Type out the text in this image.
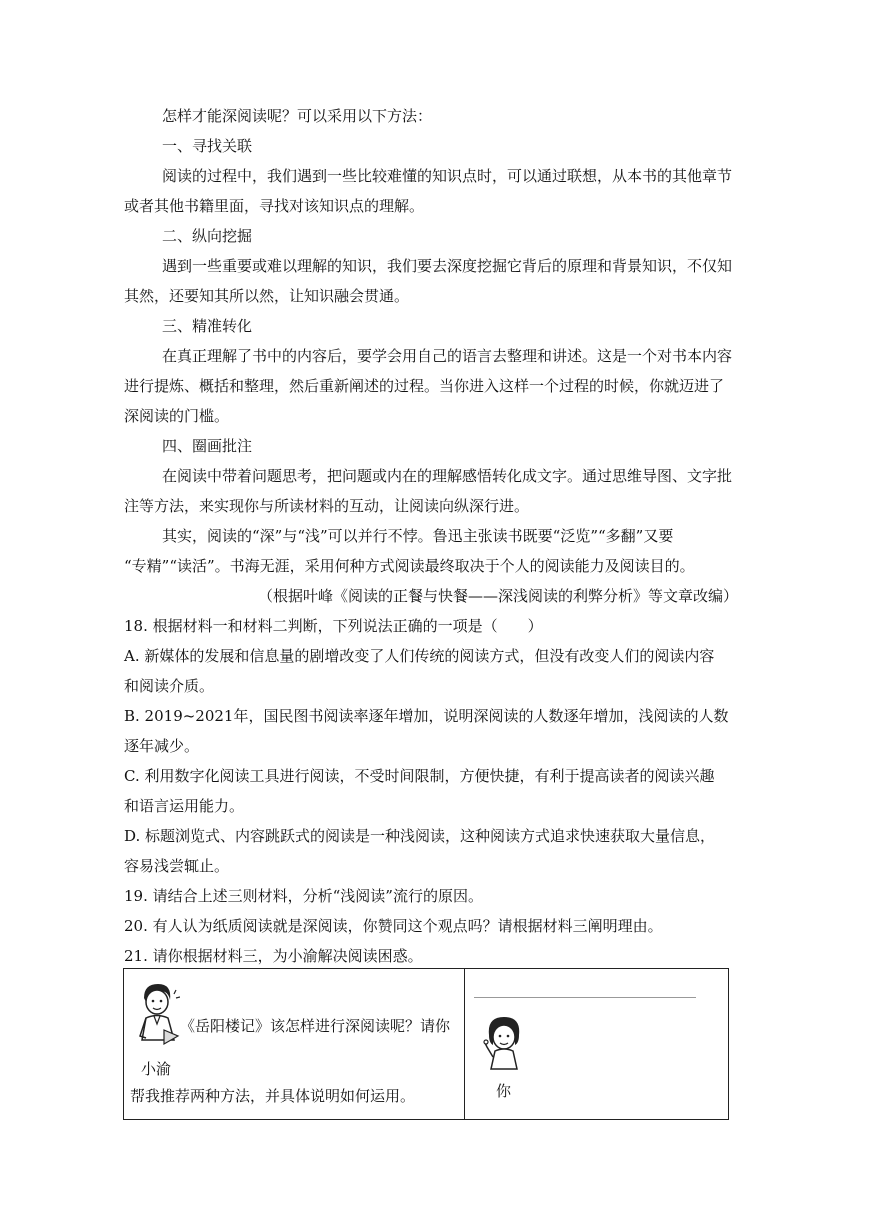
怎样才能深阅读呢？可以采用以下方法：
一、寻找关联
阅读的过程中，我们遇到一些比较难懂的知识点时，可以通过联想，从本书的其他章节
或者其他书籍里面，寻找对该知识点的理解。
二、纵向挖掘
遇到一些重要或难以理解的知识，我们要去深度挖掘它背后的原理和背景知识，不仅知
其然，还要知其所以然，让知识融会贯通。
三、精准转化
在真正理解了书中的内容后，要学会用自己的语言去整理和讲述。这是一个对书本内容
进行提炼、概括和整理，然后重新阐述的过程。当你进入这样一个过程的时候，你就迈进了
深阅读的门槛。
四、圈画批注
在阅读中带着问题思考，把问题或内在的理解感悟转化成文字。通过思维导图、文字批
注等方法，来实现你与所读材料的互动，让阅读向纵深行进。
其实，阅读的“深”与“浅”可以并行不悖。鲁迅主张读书既要“泛览”“多翻”又要
“专精”“读活”。书海无涯，采用何种方式阅读最终取决于个人的阅读能力及阅读目的。
（根据叶峰《阅读的正餐与快餐——深浅阅读的利弊分析》等文章改编）
18. 根据材料一和材料二判断，下列说法正确的一项是（　　）
A. 新媒体的发展和信息量的剧增改变了人们传统的阅读方式，但没有改变人们的阅读内容
和阅读介质。
B. 2019~2021年，国民图书阅读率逐年增加，说明深阅读的人数逐年增加，浅阅读的人数
逐年减少。
C. 利用数字化阅读工具进行阅读，不受时间限制，方便快捷，有利于提高读者的阅读兴趣
和语言运用能力。
D. 标题浏览式、内容跳跃式的阅读是一种浅阅读，这种阅读方式追求快速获取大量信息，
容易浅尝辄止。
19. 请结合上述三则材料，分析“浅阅读”流行的原因。
20. 有人认为纸质阅读就是深阅读，你赞同这个观点吗？请根据材料三阐明理由。
21. 请你根据材料三，为小渝解决阅读困惑。
《岳阳楼记》该怎样进行深阅读呢？请你
小渝
帮我推荐两种方法，并具体说明如何运用。	你
